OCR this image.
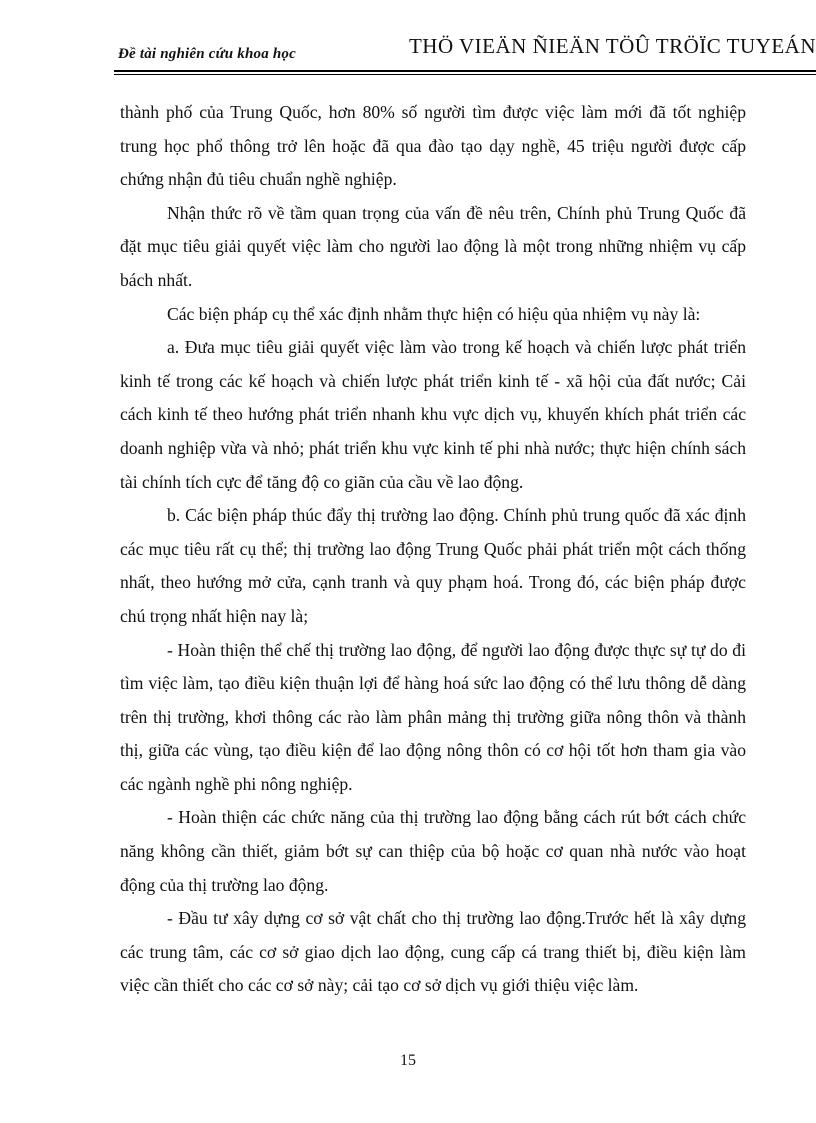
Đề tài nghiên cứu khoa học	THÖ VIEÄN ÑIEÄN TÖÛ TRÖÏC TUYEÁN

thành phố của Trung Quốc, hơn 80% số người tìm được việc làm mới đã tốt nghiệp trung học phổ thông trở lên hoặc đã qua đào tạo dạy nghề, 45 triệu người được cấp chứng nhận đủ tiêu chuẩn nghề nghiệp.

Nhận thức rõ về tầm quan trọng của vấn đề nêu trên, Chính phủ Trung Quốc đã đặt mục tiêu giải quyết việc làm cho người lao động là một trong những nhiệm vụ cấp bách nhất.

Các biện pháp cụ thể xác định nhằm thực hiện có hiệu qủa nhiệm vụ này là:

a. Đưa mục tiêu giải quyết việc làm vào trong kế hoạch và chiến lược phát triển kinh tế trong các kế hoạch và chiến lược phát triển kinh tế - xã hội của đất nước; Cải cách kinh tế theo hướng phát triển nhanh khu vực dịch vụ, khuyến khích phát triển các doanh nghiệp vừa và nhỏ; phát triển khu vực kinh tế phi nhà nước; thực hiện chính sách tài chính tích cực để tăng độ co giãn của cầu về lao động.

b. Các biện pháp thúc đẩy thị trường lao động. Chính phủ trung quốc đã xác định các mục tiêu rất cụ thể; thị trường lao động Trung Quốc phải phát triển một cách thống nhất, theo hướng mở cửa, cạnh tranh và quy phạm hoá. Trong đó, các biện pháp được chú trọng nhất hiện nay là;

- Hoàn thiện thể chế thị trường lao động, để người lao động được thực sự tự do đi tìm việc làm, tạo điều kiện thuận lợi để hàng hoá sức lao động có thể lưu thông dễ dàng trên thị trường, khơi thông các rào làm phân mảng thị trường giữa nông thôn và thành thị, giữa các vùng, tạo điều kiện để lao động nông thôn có cơ hội tốt hơn tham gia vào các ngành nghề phi nông nghiệp.

- Hoàn thiện các chức năng của thị trường lao động bằng cách rút bớt cách chức năng không cần thiết, giảm bớt sự can thiệp của bộ hoặc cơ quan nhà nước vào hoạt động của thị trường lao động.

- Đầu tư xây dựng cơ sở vật chất cho thị trường lao động.Trước hết là xây dựng các trung tâm, các cơ sở giao dịch lao động, cung cấp cá trang thiết bị, điều kiện làm việc cần thiết cho các cơ sở này; cải tạo cơ sở dịch vụ giới thiệu việc làm.

15
